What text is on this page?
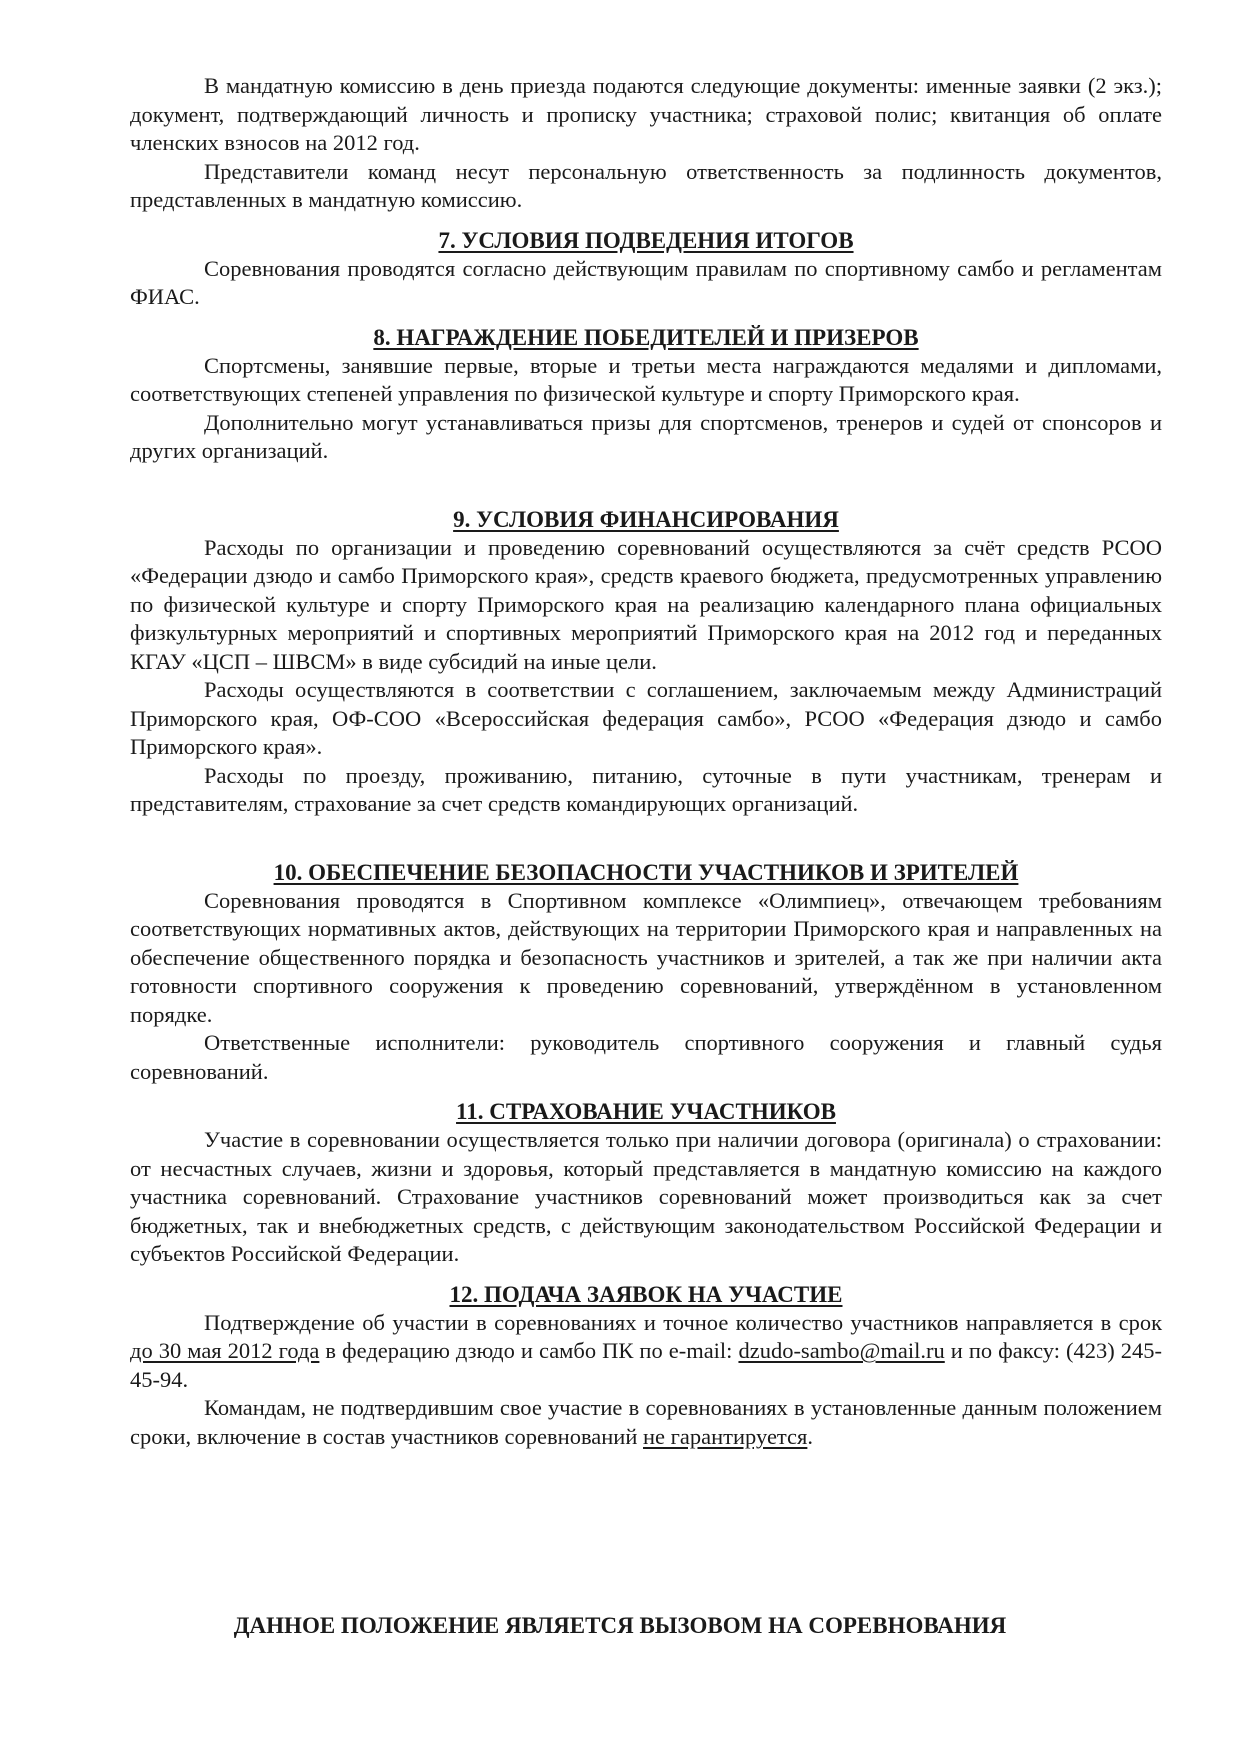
В мандатную комиссию в день приезда подаются следующие документы: именные заявки (2 экз.); документ, подтверждающий личность и прописку участника; страховой полис; квитанция об оплате членских взносов на 2012 год.

Представители команд несут персональную ответственность за подлинность документов, представленных в мандатную комиссию.

7. УСЛОВИЯ ПОДВЕДЕНИЯ ИТОГОВ

Соревнования проводятся согласно действующим правилам по спортивному самбо и регламентам ФИАС.

8. НАГРАЖДЕНИЕ ПОБЕДИТЕЛЕЙ И ПРИЗЕРОВ

Спортсмены, занявшие первые, вторые и третьи места награждаются медалями и дипломами, соответствующих степеней управления по физической культуре и спорту Приморского края.

Дополнительно могут устанавливаться призы для спортсменов, тренеров и судей от спонсоров и других организаций.

9. УСЛОВИЯ ФИНАНСИРОВАНИЯ

Расходы по организации и проведению соревнований осуществляются за счёт средств РСОО «Федерации дзюдо и самбо Приморского края», средств краевого бюджета, предусмотренных управлению по физической культуре и спорту Приморского края на реализацию календарного плана официальных физкультурных мероприятий и спортивных мероприятий Приморского края на 2012 год и переданных КГАУ «ЦСП – ШВСМ» в виде субсидий на иные цели.

Расходы осуществляются в соответствии с соглашением, заключаемым между Администраций Приморского края, ОФ-СОО «Всероссийская федерация самбо», РСОО «Федерация дзюдо и самбо Приморского края».

Расходы по проезду, проживанию, питанию, суточные в пути участникам, тренерам и представителям, страхование за счет средств командирующих организаций.

10. ОБЕСПЕЧЕНИЕ БЕЗОПАСНОСТИ УЧАСТНИКОВ И ЗРИТЕЛЕЙ

Соревнования проводятся в Спортивном комплексе «Олимпиец», отвечающем требованиям соответствующих нормативных актов, действующих на территории Приморского края и направленных на обеспечение общественного порядка и безопасность участников и зрителей, а так же при наличии акта готовности спортивного сооружения к проведению соревнований, утверждённом в установленном порядке.

Ответственные исполнители: руководитель спортивного сооружения и главный судья соревнований.

11. СТРАХОВАНИЕ УЧАСТНИКОВ

Участие в соревновании осуществляется только при наличии договора (оригинала) о страховании: от несчастных случаев, жизни и здоровья, который представляется в мандатную комиссию на каждого участника соревнований. Страхование участников соревнований может производиться как за счет бюджетных, так и внебюджетных средств, с действующим законодательством Российской Федерации и субъектов Российской Федерации.

12. ПОДАЧА ЗАЯВОК НА УЧАСТИЕ

Подтверждение об участии в соревнованиях и точное количество участников направляется в срок до 30 мая 2012 года в федерацию дзюдо и самбо ПК по e-mail: dzudo-sambo@mail.ru и по факсу: (423) 245-45-94.

Командам, не подтвердившим свое участие в соревнованиях в установленные данным положением сроки, включение в состав участников соревнований не гарантируется.

ДАННОЕ ПОЛОЖЕНИЕ ЯВЛЯЕТСЯ ВЫЗОВОМ НА СОРЕВНОВАНИЯ
